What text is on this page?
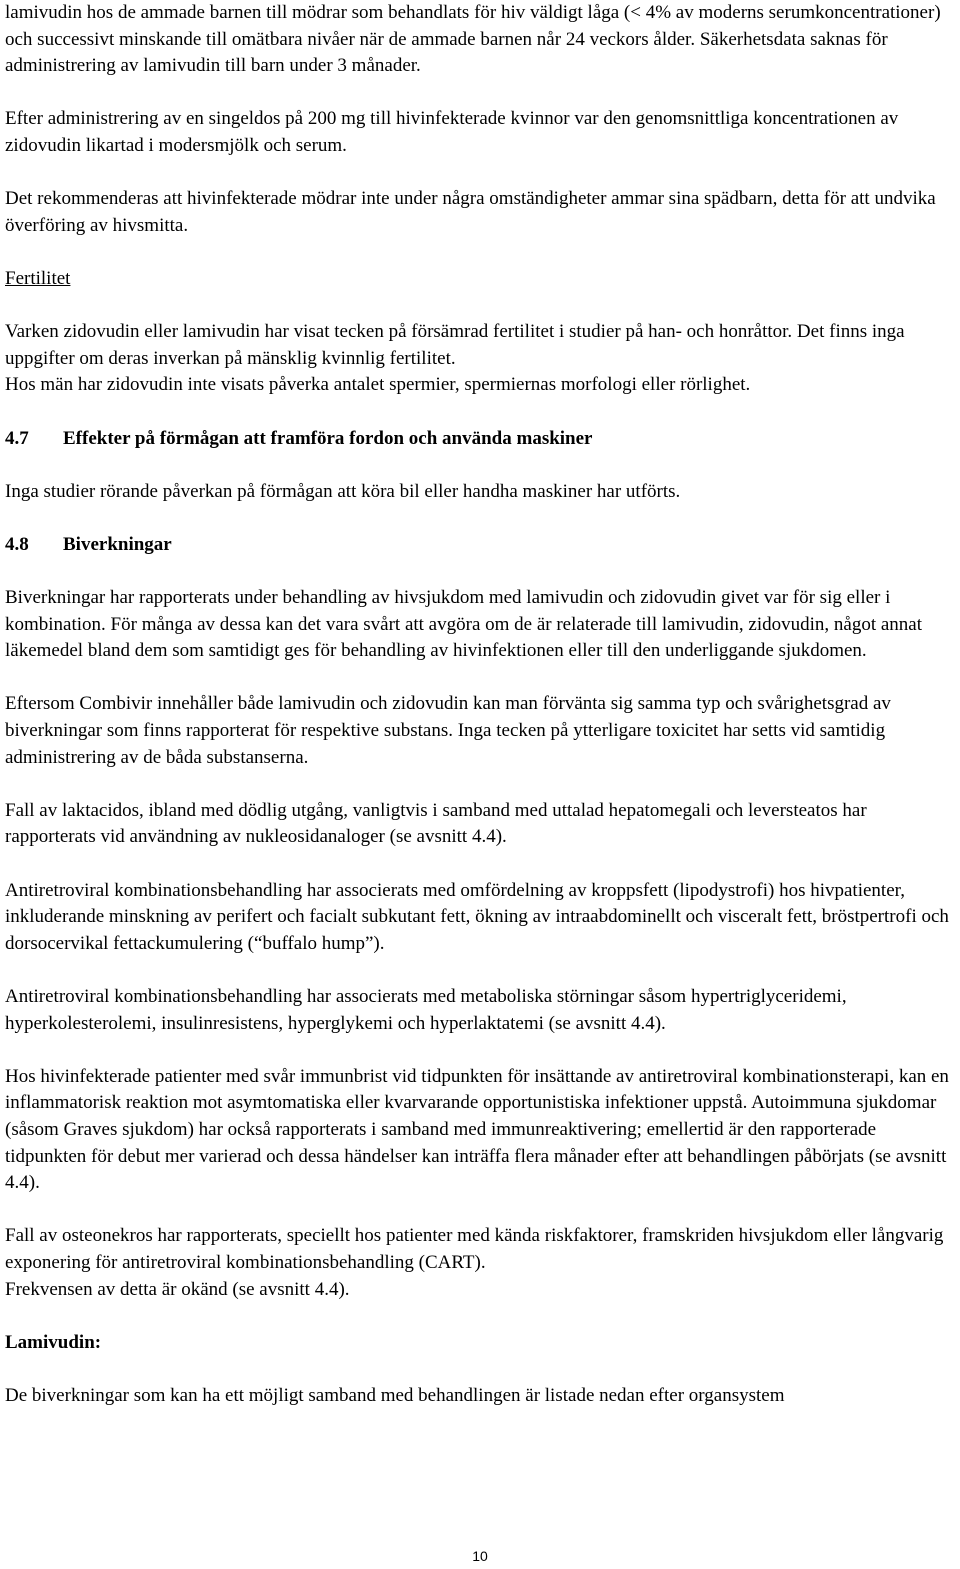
lamivudin hos de ammade barnen till mödrar som behandlats för hiv väldigt låga (< 4% av moderns serumkoncentrationer) och successivt minskande till omätbara nivåer när de ammade barnen når 24 veckors ålder. Säkerhetsdata saknas för administrering av lamivudin till barn under 3 månader.

Efter administrering av en singeldos på 200 mg till hivinfekterade kvinnor var den genomsnittliga koncentrationen av zidovudin likartad i modersmjölk och serum.

Det rekommenderas att hivinfekterade mödrar inte under några omständigheter ammar sina spädbarn, detta för att undvika överföring av hivsmitta.

Fertilitet

Varken zidovudin eller lamivudin har visat tecken på försämrad fertilitet i studier på han- och honråttor. Det finns inga uppgifter om deras inverkan på mänsklig kvinnlig fertilitet.

Hos män har zidovudin inte visats påverka antalet spermier, spermiernas morfologi eller rörlighet.

4.7	Effekter på förmågan att framföra fordon och använda maskiner

Inga studier rörande påverkan på förmågan att köra bil eller handha maskiner har utförts.

4.8	Biverkningar

Biverkningar har rapporterats under behandling av hivsjukdom med lamivudin och zidovudin givet var för sig eller i kombination. För många av dessa kan det vara svårt att avgöra om de är relaterade till lamivudin, zidovudin, något annat läkemedel bland dem som samtidigt ges för behandling av hivinfektionen eller till den underliggande sjukdomen.

Eftersom Combivir innehåller både lamivudin och zidovudin kan man förvänta sig samma typ och svårighetsgrad av biverkningar som finns rapporterat för respektive substans. Inga tecken på ytterligare toxicitet har setts vid samtidig administrering av de båda substanserna.

Fall av laktacidos, ibland med dödlig utgång, vanligtvis i samband med uttalad hepatomegali och leversteatos har rapporterats vid användning av nukleosidanaloger (se avsnitt 4.4).

Antiretroviral kombinationsbehandling har associerats med omfördelning av kroppsfett (lipodystrofi) hos hivpatienter, inkluderande minskning av perifert och facialt subkutant fett, ökning av intraabdominellt och visceralt fett, bröstpertrofi och dorsocervikal fettackumulering (“buffalo hump”).

Antiretroviral kombinationsbehandling har associerats med metaboliska störningar såsom hypertriglyceridemi, hyperkolesterolemi, insulinresistens, hyperglykemi och hyperlaktatemi (se avsnitt 4.4).

Hos hivinfekterade patienter med svår immunbrist vid tidpunkten för insättande av antiretroviral kombinationsterapi, kan en inflammatorisk reaktion mot asymtomatiska eller kvarvarande opportunistiska infektioner uppstå. Autoimmuna sjukdomar (såsom Graves sjukdom) har också rapporterats i samband med immunreaktivering; emellertid är den rapporterade tidpunkten för debut mer varierad och dessa händelser kan inträffa flera månader efter att behandlingen påbörjats (se avsnitt 4.4).

Fall av osteonekros har rapporterats, speciellt hos patienter med kända riskfaktorer, framskriden hivsjukdom eller långvarig exponering för antiretroviral kombinationsbehandling (CART).

Frekvensen av detta är okänd (se avsnitt 4.4).

Lamivudin:

De biverkningar som kan ha ett möjligt samband med behandlingen är listade nedan efter organsystem

10
